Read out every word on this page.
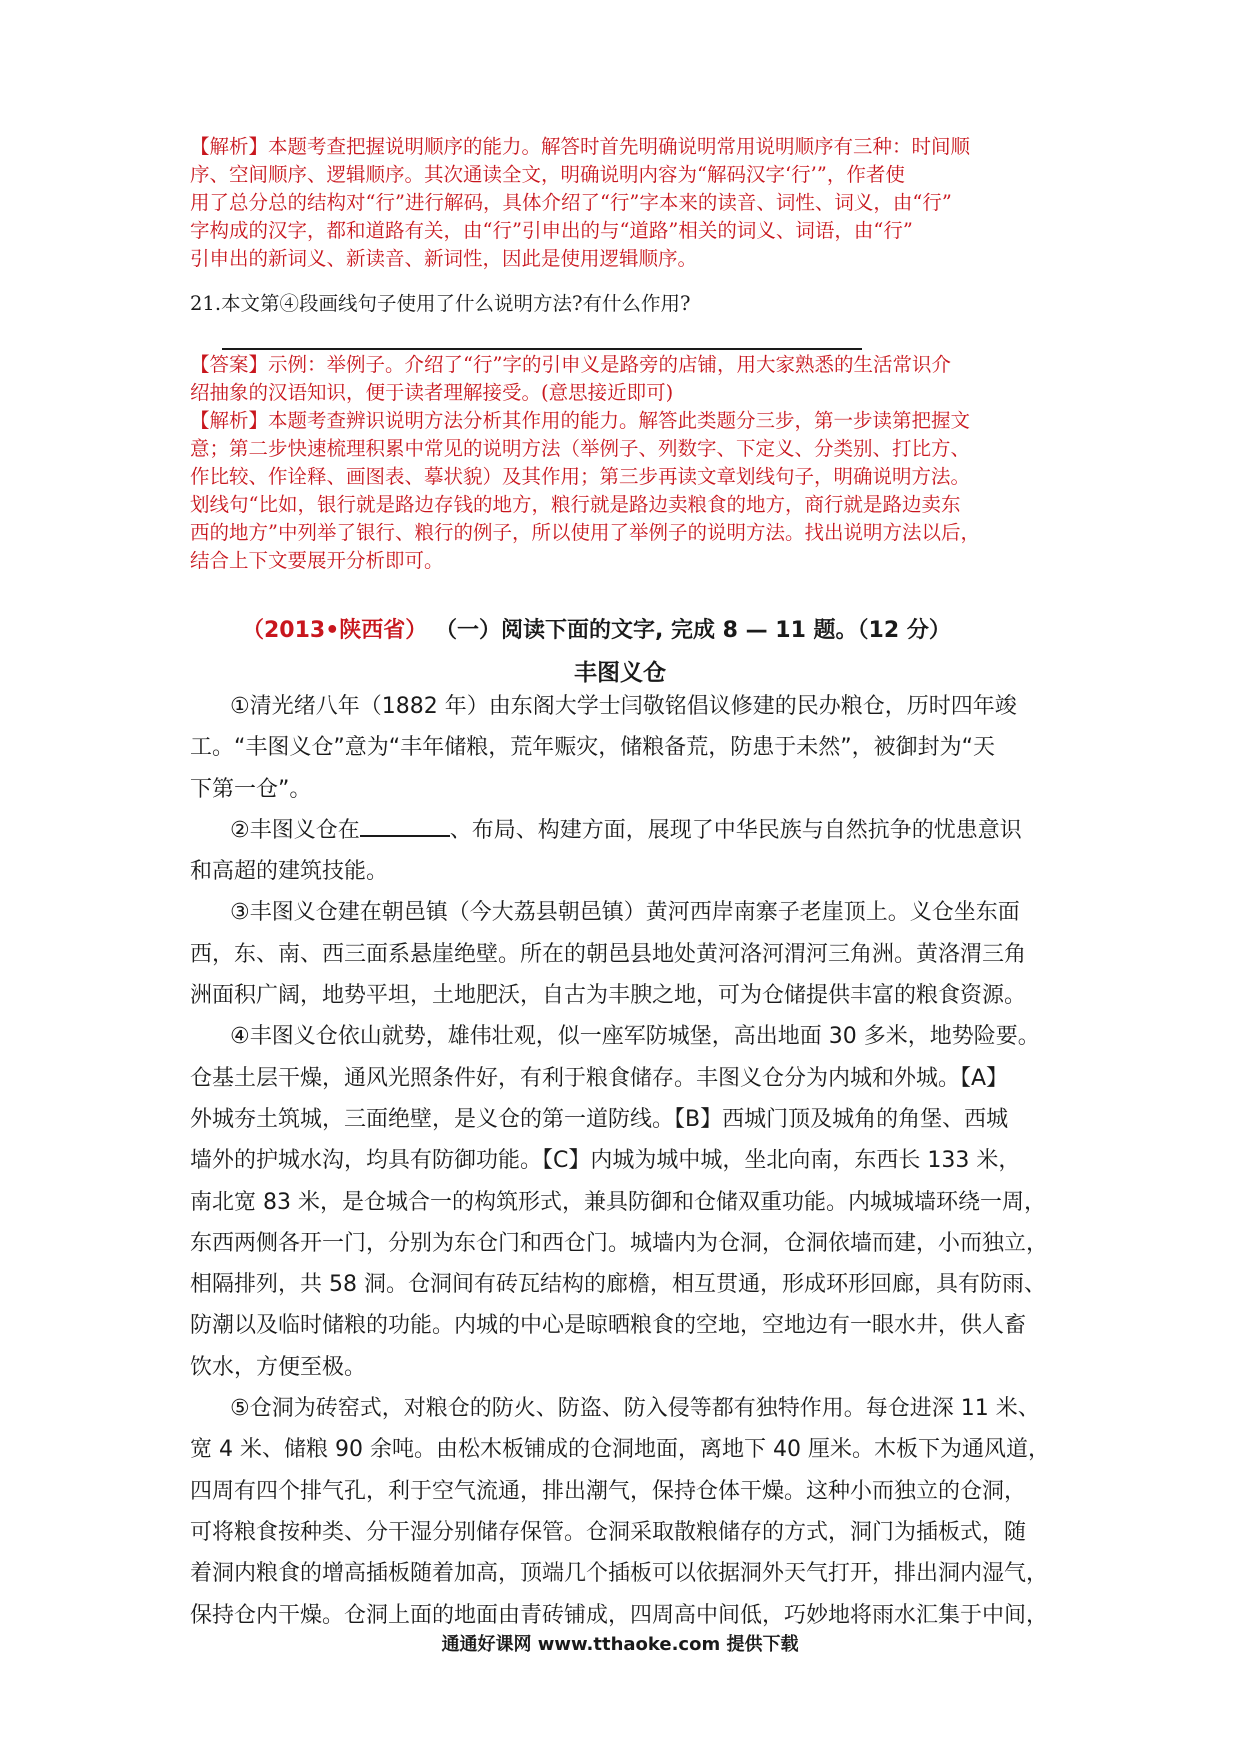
【解析】本题考查把握说明顺序的能力。解答时首先明确说明常用说明顺序有三种：时间顺
序、空间顺序、逻辑顺序。其次通读全文，明确说明内容为“解码汉字‘行’”，作者使
用了总分总的结构对“行”进行解码，具体介绍了“行”字本来的读音、词性、词义，由“行”
字构成的汉字，都和道路有关，由“行”引申出的与“道路”相关的词义、词语，由“行”
引申出的新词义、新读音、新词性，因此是使用逻辑顺序。
21.本文第④段画线句子使用了什么说明方法?有什么作用?
【答案】示例：举例子。介绍了“行”字的引申义是路旁的店铺，用大家熟悉的生活常识介
绍抽象的汉语知识，便于读者理解接受。(意思接近即可)
【解析】本题考查辨识说明方法分析其作用的能力。解答此类题分三步，第一步读第把握文
意；第二步快速梳理积累中常见的说明方法（举例子、列数字、下定义、分类别、打比方、
作比较、作诠释、画图表、摹状貌）及其作用；第三步再读文章划线句子，明确说明方法。
划线句“比如，银行就是路边存钱的地方，粮行就是路边卖粮食的地方，商行就是路边卖东
西的地方”中列举了银行、粮行的例子，所以使用了举例子的说明方法。找出说明方法以后，
结合上下文要展开分析即可。
（2013•陕西省） （一）阅读下面的文字, 完成 8 — 11 题。（12 分）
丰图义仓
①清光绪八年（1882 年）由东阁大学士闫敬铭倡议修建的民办粮仓，历时四年竣
工。“丰图义仓”意为“丰年储粮，荒年赈灾，储粮备荒，防患于未然”，被御封为“天
下第一仓”。
②丰图义仓在	、布局、构建方面，展现了中华民族与自然抗争的忧患意识
和高超的建筑技能。
③丰图义仓建在朝邑镇（今大荔县朝邑镇）黄河西岸南寨子老崖顶上。义仓坐东面
西，东、南、西三面系悬崖绝壁。所在的朝邑县地处黄河洛河渭河三角洲。黄洛渭三角
洲面积广阔，地势平坦，土地肥沃，自古为丰腴之地，可为仓储提供丰富的粮食资源。
④丰图义仓依山就势，雄伟壮观，似一座军防城堡，高出地面 30 多米，地势险要。
仓基土层干燥，通风光照条件好，有利于粮食储存。丰图义仓分为内城和外城。【A】
外城夯土筑城，三面绝壁，是义仓的第一道防线。【B】西城门顶及城角的角堡、西城
墙外的护城水沟，均具有防御功能。【C】内城为城中城，坐北向南，东西长 133 米，
南北宽 83 米，是仓城合一的构筑形式，兼具防御和仓储双重功能。内城城墙环绕一周，
东西两侧各开一门，分别为东仓门和西仓门。城墙内为仓洞，仓洞依墙而建，小而独立，
相隔排列，共 58 洞。仓洞间有砖瓦结构的廊檐，相互贯通，形成环形回廊，具有防雨、
防潮以及临时储粮的功能。内城的中心是晾晒粮食的空地，空地边有一眼水井，供人畜
饮水，方便至极。
⑤仓洞为砖窑式，对粮仓的防火、防盗、防入侵等都有独特作用。每仓进深 11 米、
宽 4 米、储粮 90 余吨。由松木板铺成的仓洞地面，离地下 40 厘米。木板下为通风道，
四周有四个排气孔，利于空气流通，排出潮气，保持仓体干燥。这种小而独立的仓洞，
可将粮食按种类、分干湿分别储存保管。仓洞采取散粮储存的方式，洞门为插板式，随
着洞内粮食的增高插板随着加高，顶端几个插板可以依据洞外天气打开，排出洞内湿气，
保持仓内干燥。仓洞上面的地面由青砖铺成，四周高中间低，巧妙地将雨水汇集于中间，
通通好课网 www.tthaoke.com 提供下载
